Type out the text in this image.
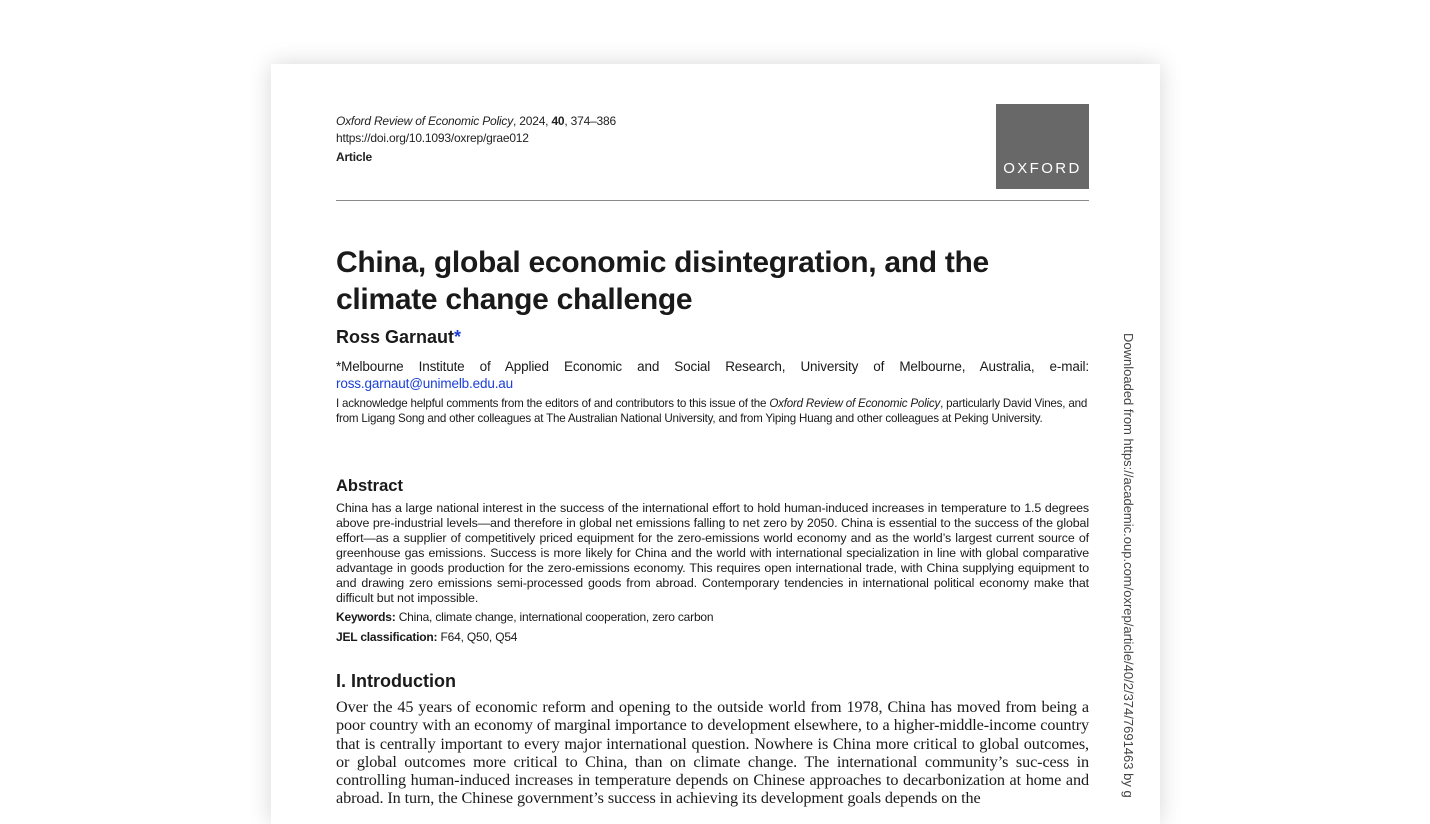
Oxford Review of Economic Policy, 2024, 40, 374–386
https://doi.org/10.1093/oxrep/grae012
Article
OXFORD
China, global economic disintegration, and the climate change challenge
Ross Garnaut*
*Melbourne Institute of Applied Economic and Social Research, University of Melbourne, Australia, e-mail: ross.garnaut@unimelb.edu.au
I acknowledge helpful comments from the editors of and contributors to this issue of the Oxford Review of Economic Policy, particularly David Vines, and from Ligang Song and other colleagues at The Australian National University, and from Yiping Huang and other colleagues at Peking University.
Abstract
China has a large national interest in the success of the international effort to hold human-induced increases in temperature to 1.5 degrees above pre-industrial levels—and therefore in global net emissions falling to net zero by 2050. China is essential to the success of the global effort—as a supplier of competitively priced equipment for the zero-emissions world economy and as the world’s largest current source of greenhouse gas emissions. Success is more likely for China and the world with international specialization in line with global comparative advantage in goods production for the zero-emissions economy. This requires open international trade, with China supplying equipment to and drawing zero emissions semi-processed goods from abroad. Contemporary tendencies in international political economy make that difficult but not impossible.
Keywords: China, climate change, international cooperation, zero carbon
JEL classification: F64, Q50, Q54
I. Introduction
Over the 45 years of economic reform and opening to the outside world from 1978, China has moved from being a poor country with an economy of marginal importance to development elsewhere, to a higher-middle-income country that is centrally important to every major international question. Nowhere is China more critical to global outcomes, or global outcomes more critical to China, than on climate change. The international community’s suc-cess in controlling human-induced increases in temperature depends on Chinese approaches to decarbonization at home and abroad. In turn, the Chinese government’s success in achieving its development goals depends on the
Downloaded from https://academic.oup.com/oxrep/article/40/2/374/7691463 by g
